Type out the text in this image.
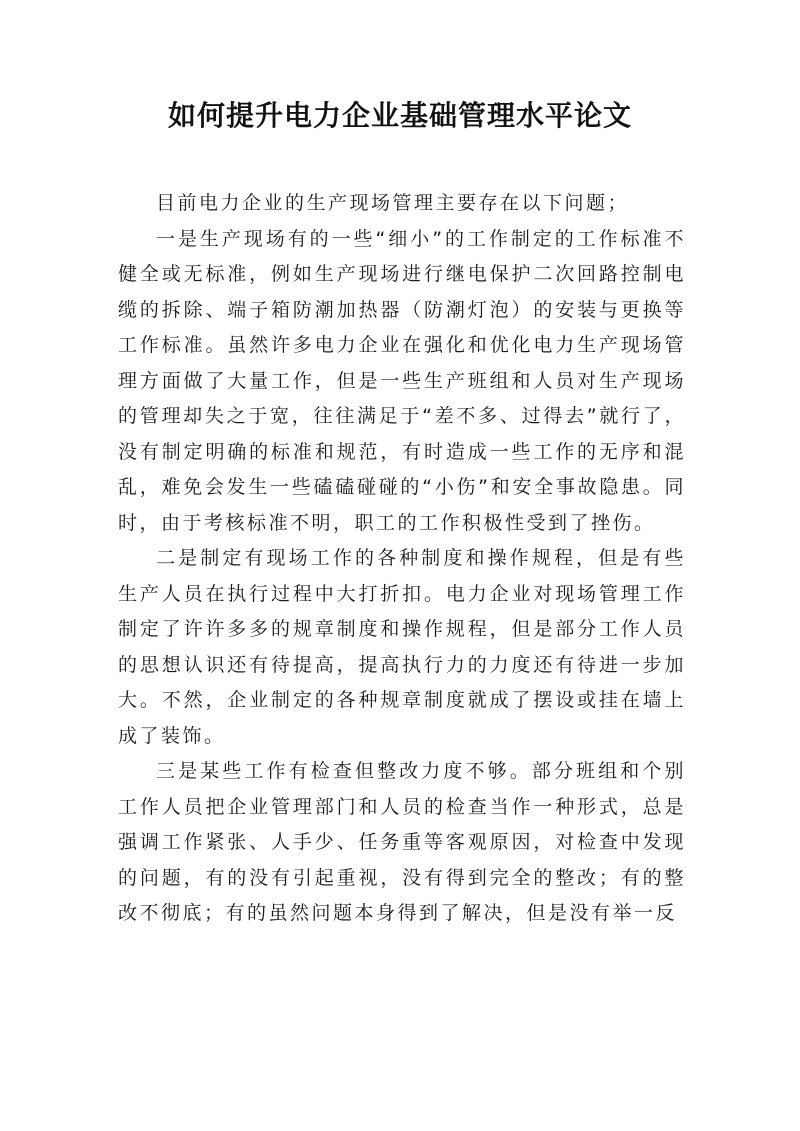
如何提升电力企业基础管理水平论文

目前电力企业的生产现场管理主要存在以下问题；

一是生产现场有的一些“细小”的工作制定的工作标准不健全或无标准，例如生产现场进行继电保护二次回路控制电缆的拆除、端子箱防潮加热器（防潮灯泡）的安装与更换等工作标准。虽然许多电力企业在强化和优化电力生产现场管理方面做了大量工作，但是一些生产班组和人员对生产现场的管理却失之于宽，往往满足于“差不多、过得去”就行了，没有制定明确的标准和规范，有时造成一些工作的无序和混乱，难免会发生一些磕磕碰碰的“小伤”和安全事故隐患。同时，由于考核标准不明，职工的工作积极性受到了挫伤。

二是制定有现场工作的各种制度和操作规程，但是有些生产人员在执行过程中大打折扣。电力企业对现场管理工作制定了许许多多的规章制度和操作规程，但是部分工作人员的思想认识还有待提高，提高执行力的力度还有待进一步加大。不然，企业制定的各种规章制度就成了摆设或挂在墙上成了装饰。

三是某些工作有检查但整改力度不够。部分班组和个别工作人员把企业管理部门和人员的检查当作一种形式，总是强调工作紧张、人手少、任务重等客观原因，对检查中发现的问题，有的没有引起重视，没有得到完全的整改；有的整改不彻底；有的虽然问题本身得到了解决，但是没有举一反
